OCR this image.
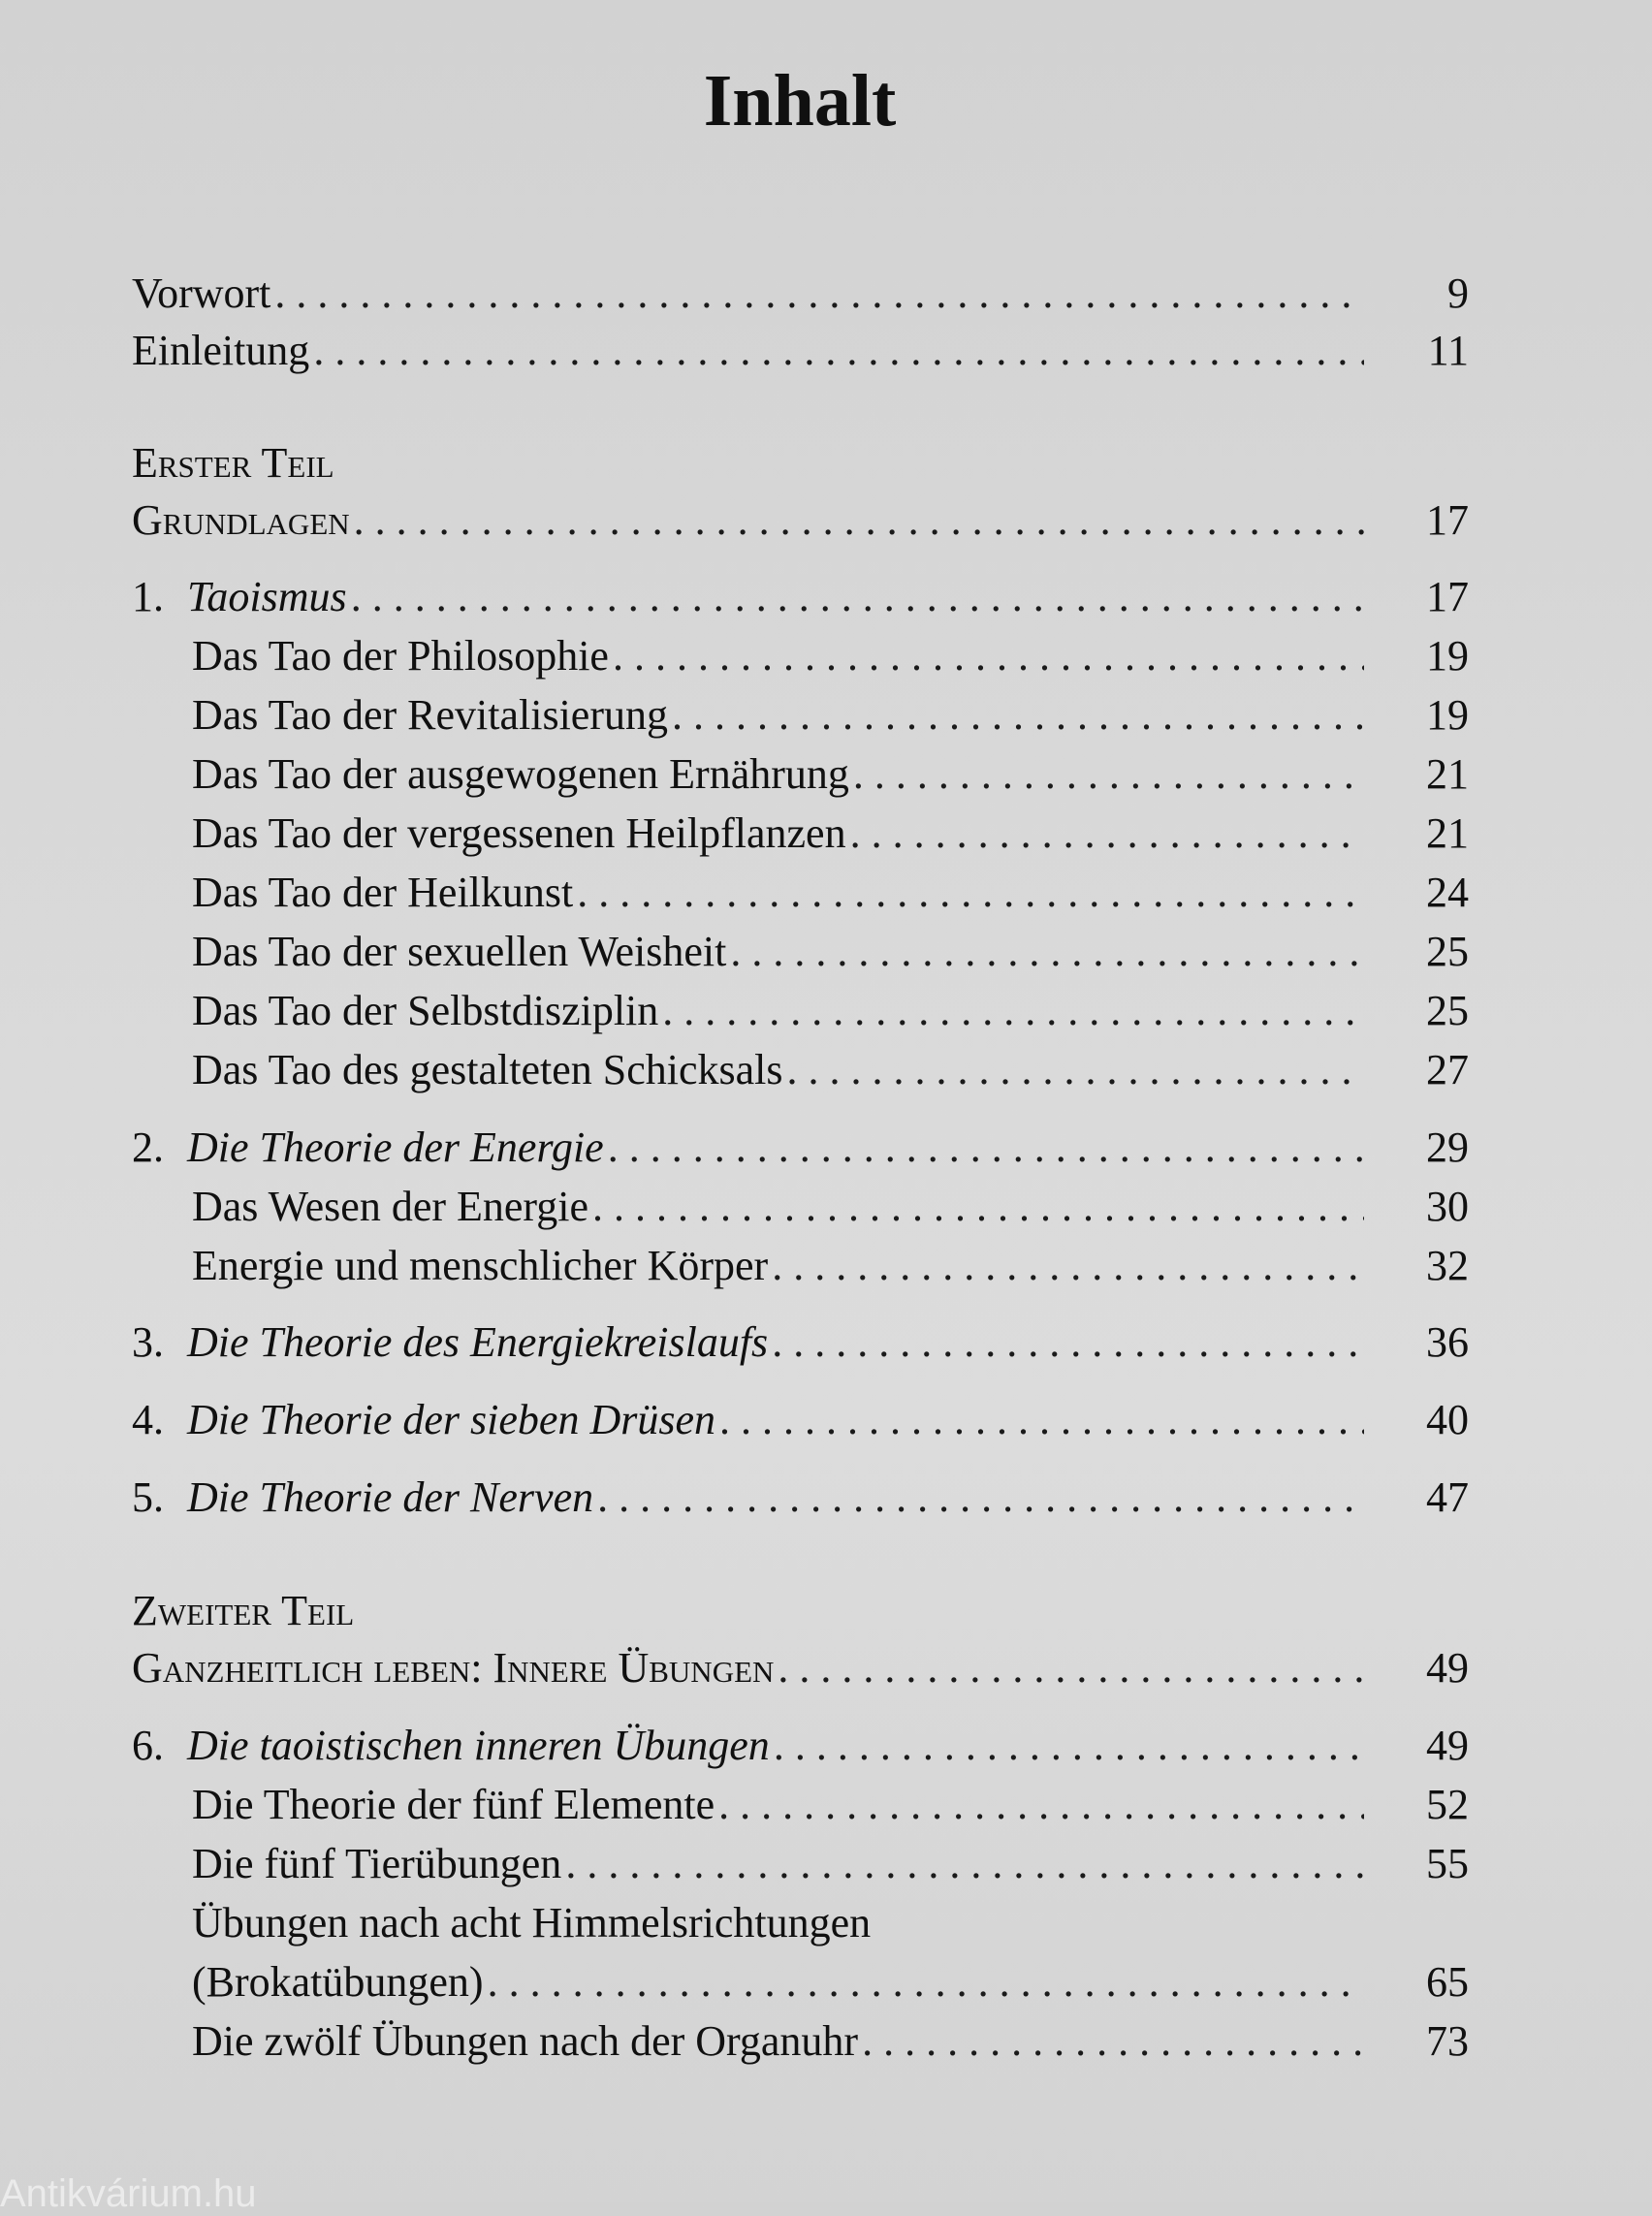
Inhalt
Vorwort . . .	9
Einleitung . . .	11
Erster Teil
Grundlagen . . .	17
1. Taoismus . . .	17
Das Tao der Philosophie . . .	19
Das Tao der Revitalisierung . . .	19
Das Tao der ausgewogenen Ernährung . . .	21
Das Tao der vergessenen Heilpflanzen . . .	21
Das Tao der Heilkunst . . .	24
Das Tao der sexuellen Weisheit . . .	25
Das Tao der Selbstdisziplin . . .	25
Das Tao des gestalteten Schicksals . . .	27
2. Die Theorie der Energie . . .	29
Das Wesen der Energie . . .	30
Energie und menschlicher Körper . . .	32
3. Die Theorie des Energiekreislaufs . . .	36
4. Die Theorie der sieben Drüsen . . .	40
5. Die Theorie der Nerven . . .	47
Zweiter Teil
Ganzheitlich leben: Innere Übungen . . .	49
6. Die taoistischen inneren Übungen . . .	49
Die Theorie der fünf Elemente . . .	52
Die fünf Tierübungen . . .	55
Übungen nach acht Himmelsrichtungen
(Brokatübungen) . . .	65
Die zwölf Übungen nach der Organuhr . . .	73
Antikvárium.hu
